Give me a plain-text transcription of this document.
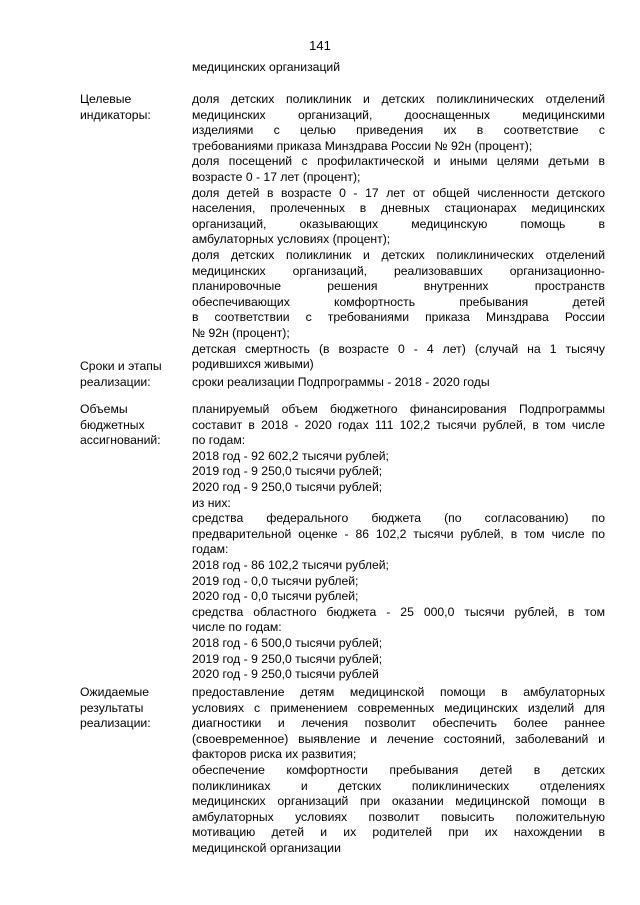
141
медицинских организаций
Целевые
индикаторы:
доля детских поликлиник и детских поликлинических отделений
медицинских организаций, дооснащенных медицинскими
изделиями с целью приведения их в соответствие с
требованиями приказа Минздрава России № 92н (процент);
доля посещений с профилактической и иными целями детьми в
возрасте 0 - 17 лет (процент);
доля детей в возрасте 0 - 17 лет от общей численности детского
населения, пролеченных в дневных стационарах медицинских
организаций, оказывающих медицинскую помощь в
амбулаторных условиях (процент);
доля детских поликлиник и детских поликлинических отделений
медицинских организаций, реализовавших организационно-
планировочные решения внутренних пространств
обеспечивающих комфортность пребывания детей
в соответствии с требованиями приказа Минздрава России
№ 92н (процент);
детская смертность (в возрасте 0 - 4 лет) (случай на 1 тысячу
родившихся живыми)
Сроки и этапы
реализации:
	сроки реализации Подпрограммы - 2018 - 2020 годы
Объемы
бюджетных
ассигнований:
планируемый объем бюджетного финансирования Подпрограммы
составит в 2018 - 2020 годах 111 102,2 тысячи рублей, в том числе
по годам:
2018 год - 92 602,2 тысячи рублей;
2019 год - 9 250,0 тысячи рублей;
2020 год - 9 250,0 тысячи рублей;
из них:
средства федерального бюджета (по согласованию) по
предварительной оценке - 86 102,2 тысячи рублей, в том числе по
годам:
2018 год - 86 102,2 тысячи рублей;
2019 год - 0,0 тысячи рублей;
2020 год - 0,0 тысячи рублей;
средства областного бюджета - 25 000,0 тысячи рублей, в том
числе по годам:
2018 год - 6 500,0 тысячи рублей;
2019 год - 9 250,0 тысячи рублей;
2020 год - 9 250,0 тысячи рублей
Ожидаемые
результаты
реализации:
предоставление детям медицинской помощи в амбулаторных
условиях с применением современных медицинских изделий для
диагностики и лечения позволит обеспечить более раннее
(своевременное) выявление и лечение состояний, заболеваний и
факторов риска их развития;
обеспечение комфортности пребывания детей в детских
поликлиниках и детских поликлинических отделениях
медицинских организаций при оказании медицинской помощи в
амбулаторных условиях позволит повысить положительную
мотивацию детей и их родителей при их нахождении в
медицинской организации
